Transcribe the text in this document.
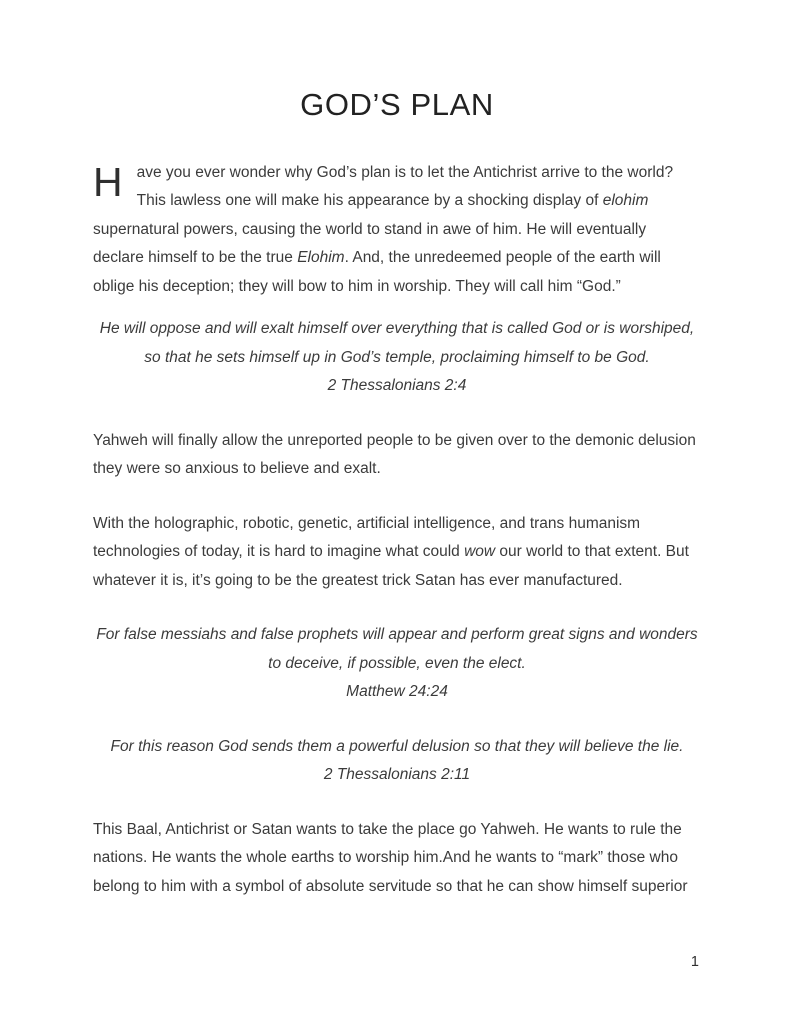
GOD’S PLAN

Have you ever wonder why God’s plan is to let the Antichrist arrive to the world? This lawless one will make his appearance by a shocking display of elohim supernatural powers, causing the world to stand in awe of him. He will eventually declare himself to be the true Elohim. And, the unredeemed people of the earth will oblige his deception; they will bow to him in worship. They will call him “God.”

He will oppose and will exalt himself over everything that is called God or is worshiped, so that he sets himself up in God’s temple, proclaiming himself to be God.

2 Thessalonians 2:4

Yahweh will finally allow the unreported people to be given over to the demonic delusion they were so anxious to believe and exalt.

With the holographic, robotic, genetic, artificial intelligence, and trans humanism technologies of today, it is hard to imagine what could wow our world to that extent. But whatever it is, it’s going to be the greatest trick Satan has ever manufactured.

For false messiahs and false prophets will appear and perform great signs and wonders to deceive, if possible, even the elect.

Matthew 24:24

For this reason God sends them a powerful delusion so that they will believe the lie.

2 Thessalonians 2:11

This Baal, Antichrist or Satan wants to take the place go Yahweh. He wants to rule the nations. He wants the whole earths to worship him.And he wants to “mark” those who belong to him with a symbol of absolute servitude so that he can show himself superior

1
